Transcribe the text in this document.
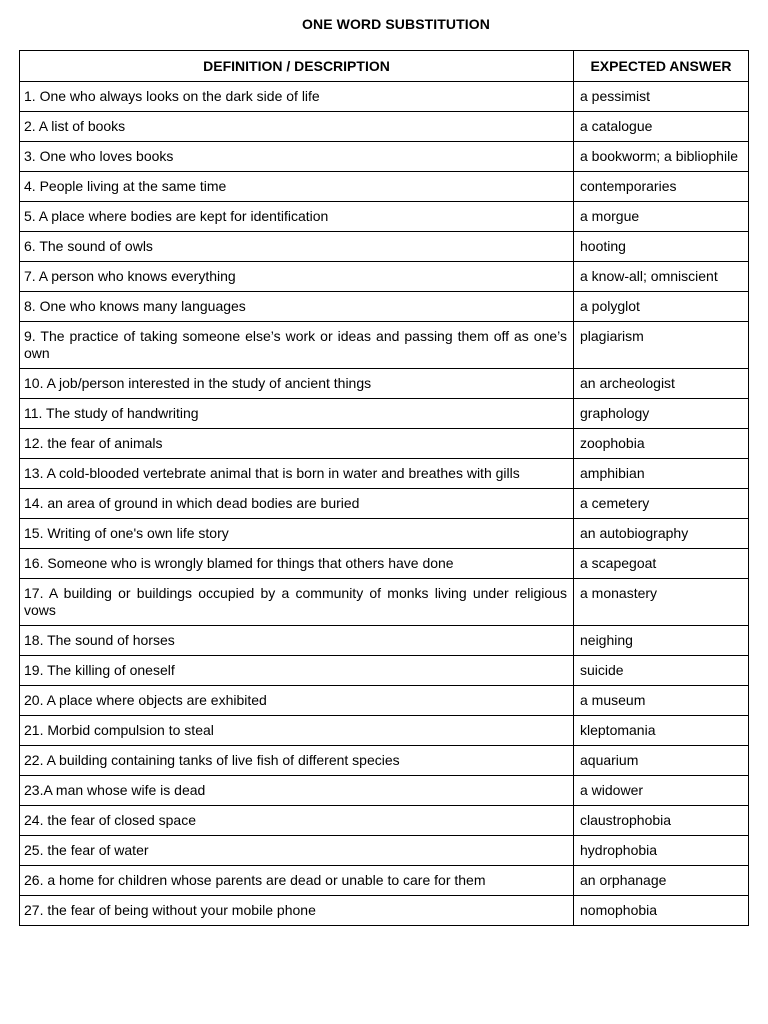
ONE WORD SUBSTITUTION
DEFINITION / DESCRIPTION	EXPECTED ANSWER
1. One who always looks on the dark side of life	a pessimist
2. A list of books	a catalogue
3. One who loves books	a bookworm; a bibliophile
4. People living at the same time	contemporaries
5. A place where bodies are kept for identification	a morgue
6. The sound of owls	hooting
7. A person who knows everything	a know-all; omniscient
8. One who knows many languages	a polyglot
9. The practice of taking someone else’s work or ideas and passing them off as one’s own	plagiarism
10. A job/person interested in the study of ancient things	an archeologist
11. The study of handwriting	graphology
12. the fear of animals	zoophobia
13. A cold-blooded vertebrate animal that is born in water and breathes with gills	amphibian
14. an area of ground in which dead bodies are buried	a cemetery
15. Writing of one's own life story	an autobiography
16. Someone who is wrongly blamed for things that others have done	a scapegoat
17. A building or buildings occupied by a community of monks living under religious vows	a monastery
18. The sound of horses	neighing
19. The killing of oneself	suicide
20. A place where objects are exhibited	a museum
21. Morbid compulsion to steal	kleptomania
22. A building containing tanks of live fish of different species	aquarium
23.A man whose wife is dead	a widower
24. the fear of closed space	claustrophobia
25. the fear of water	hydrophobia
26. a home for children whose parents are dead or unable to care for them	an orphanage
27. the fear of being without your mobile phone	nomophobia
